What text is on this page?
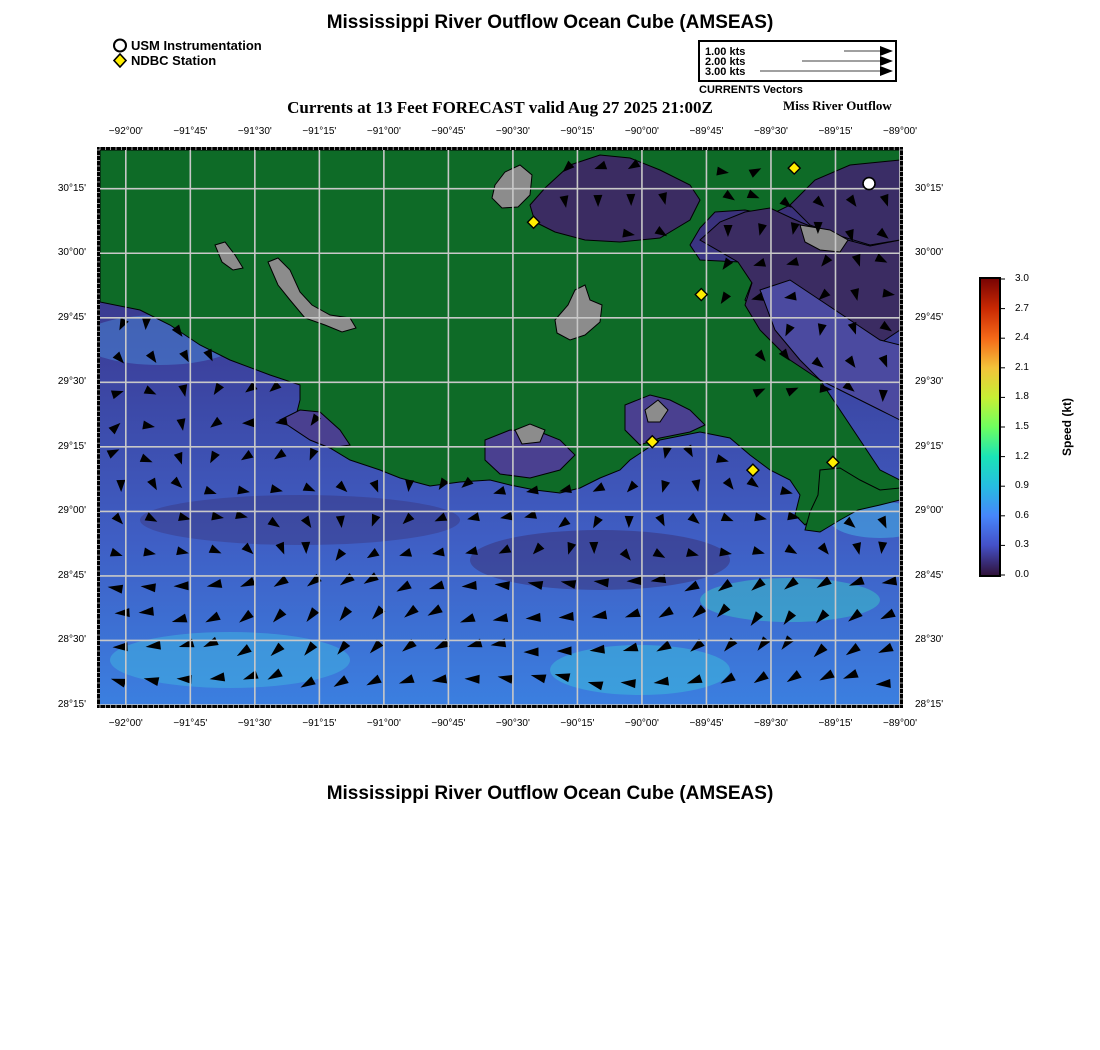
Mississippi River Outflow Ocean Cube (AMSEAS)
USM Instrumentation
NDBC Station
1.00 kts
2.00 kts
3.00 kts
CURRENTS Vectors
Currents at 13 Feet FORECAST valid Aug 27 2025 21:00Z	Miss River Outflow
−92°00'	−91°45'	−91°30'	−91°15'	−91°00'	−90°45'	−90°30'	−90°15'	−90°00'	−89°45'	−89°30'	−89°15'	−89°00'
−92°00'	−91°45'	−91°30'	−91°15'	−91°00'	−90°45'	−90°30'	−90°15'	−90°00'	−89°45'	−89°30'	−89°15'	−89°00'
30°15'
30°00'
29°45'
29°30'
29°15'
29°00'
28°45'
28°30'
28°15'
30°15'
30°00'
29°45'
29°30'
29°15'
29°00'
28°45'
28°30'
28°15'
3.0
2.7
2.4
2.1
1.8
1.5
1.2
0.9
0.6
0.3
0.0
Speed (kt)
Mississippi River Outflow Ocean Cube (AMSEAS)
